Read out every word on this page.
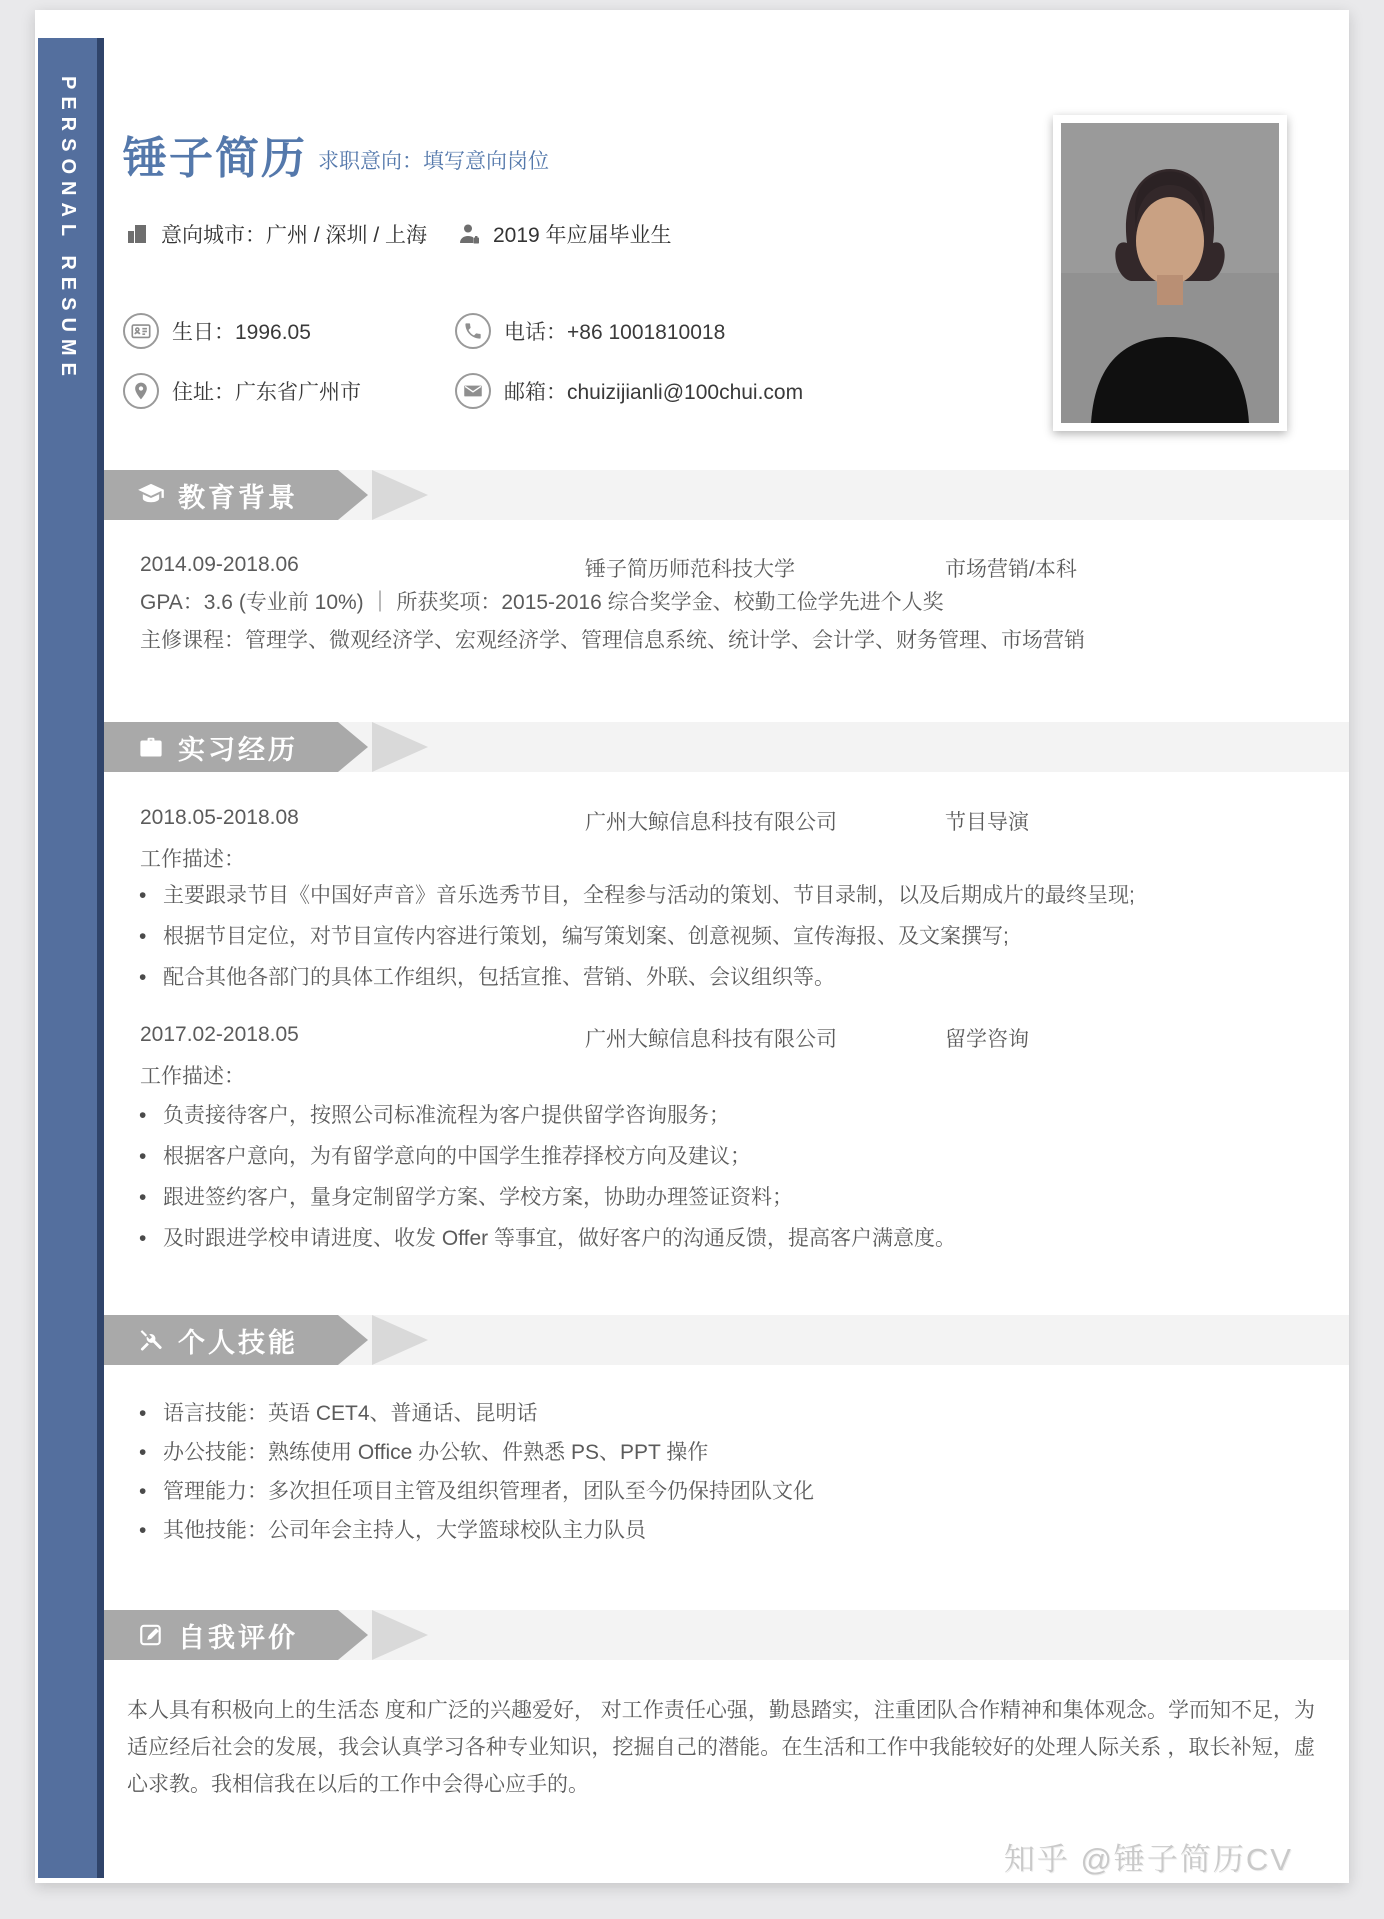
锤子简历 求职意向：填写意向岗位
意向城市：广州 / 深圳 / 上海	2019 年应届毕业生
生日：1996.05	电话：+86 1001810018
住址：广东省广州市	邮箱：chuizijianli@100chui.com
教育背景
2014.09-2018.06	锤子简历师范科技大学	市场营销/本科
GPA：3.6 (专业前 10%) ｜ 所获奖项：2015-2016 综合奖学金、校勤工俭学先进个人奖
主修课程：管理学、微观经济学、宏观经济学、管理信息系统、统计学、会计学、财务管理、市场营销
实习经历
2018.05-2018.08	广州大鲸信息科技有限公司	节目导演
工作描述：
• 主要跟录节目《中国好声音》音乐选秀节目，全程参与活动的策划、节目录制，以及后期成片的最终呈现;
• 根据节目定位，对节目宣传内容进行策划，编写策划案、创意视频、宣传海报、及文案撰写;
• 配合其他各部门的具体工作组织，包括宣推、营销、外联、会议组织等。
2017.02-2018.05	广州大鲸信息科技有限公司	留学咨询
工作描述：
• 负责接待客户，按照公司标准流程为客户提供留学咨询服务；
• 根据客户意向，为有留学意向的中国学生推荐择校方向及建议；
• 跟进签约客户，量身定制留学方案、学校方案，协助办理签证资料；
• 及时跟进学校申请进度、收发 Offer 等事宜，做好客户的沟通反馈，提高客户满意度。
个人技能
• 语言技能：英语 CET4、普通话、昆明话
• 办公技能：熟练使用 Office 办公软、件熟悉 PS、PPT 操作
• 管理能力：多次担任项目主管及组织管理者，团队至今仍保持团队文化
• 其他技能：公司年会主持人，大学篮球校队主力队员
自我评价
本人具有积极向上的生活态 度和广泛的兴趣爱好， 对工作责任心强，勤恳踏实，注重团队合作精神和集体观念。学而知不足，为适应经后社会的发展，我会认真学习各种专业知识，挖掘自己的潜能。在生活和工作中我能较好的处理人际关系 ，取长补短，虚心求教。我相信我在以后的工作中会得心应手的。
知乎 @锤子简历CV
PERSONAL RESUME
